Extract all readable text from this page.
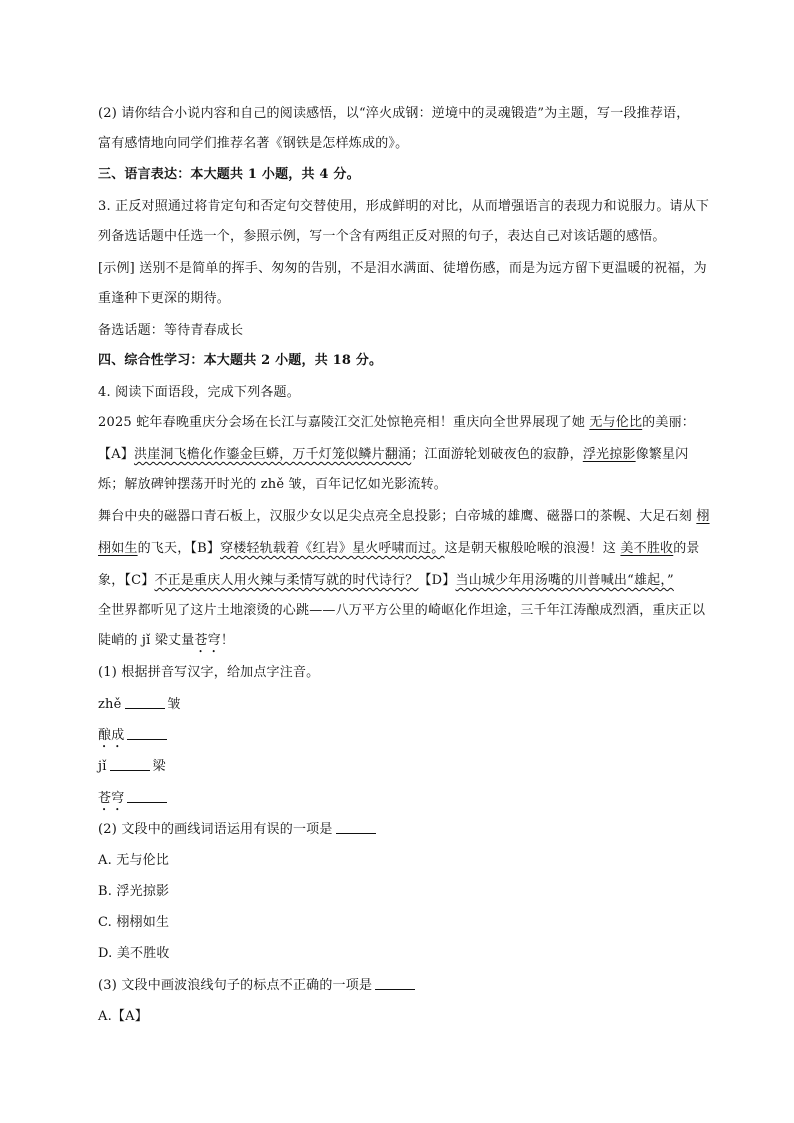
(2) 请你结合小说内容和自己的阅读感悟，以“淬火成钢：逆境中的灵魂锻造”为主题，写一段推荐语，
富有感情地向同学们推荐名著《钢铁是怎样炼成的》。
三、语言表达：本大题共 1 小题，共 4 分。
3. 正反对照通过将肯定句和否定句交替使用，形成鲜明的对比，从而增强语言的表现力和说服力。请从下
列备选话题中任选一个，参照示例，写一个含有两组正反对照的句子，表达自己对该话题的感悟。
[示例] 送别不是简单的挥手、匆匆的告别，不是泪水满面、徒增伤感，而是为远方留下更温暖的祝福，为
重逢种下更深的期待。
备选话题：等待青春成长
四、综合性学习：本大题共 2 小题，共 18 分。
4. 阅读下面语段，完成下列各题。
2025 蛇年春晚重庆分会场在长江与嘉陵江交汇处惊艳亮相！重庆向全世界展现了她 无与伦比的美丽：
【A】洪崖洞飞檐化作鎏金巨蟒，万千灯笼似鳞片翻涌；江面游轮划破夜色的寂静，浮光掠影像繁星闪
烁；解放碑钟摆荡开时光的 zhě 皱，百年记忆如光影流转。
舞台中央的磁器口青石板上，汉服少女以足尖点亮全息投影；白帝城的雄鹰、磁器口的茶幌、大足石刻 栩
栩如生的飞天，【B】穿楼轻轨载着《红岩》星火呼啸而过。这是朝天椒般呛喉的浪漫！这 美不胜收的景
象，【C】不正是重庆人用火辣与柔情写就的时代诗行？【D】当山城少年用汤嘴的川普喊出“雄起，”
全世界都听见了这片土地滚烫的心跳——八万平方公里的崎岖化作坦途，三千年江涛酿成烈酒，重庆正以
陡峭的 jǐ 梁丈量苍穹！
(1) 根据拼音写汉字，给加点字注音。
zhě	皱
酿成
jǐ	梁
苍穹
(2) 文段中的画线词语运用有误的一项是
A. 无与伦比
B. 浮光掠影
C. 栩栩如生
D. 美不胜收
(3) 文段中画波浪线句子的标点不正确的一项是
A.【A】
